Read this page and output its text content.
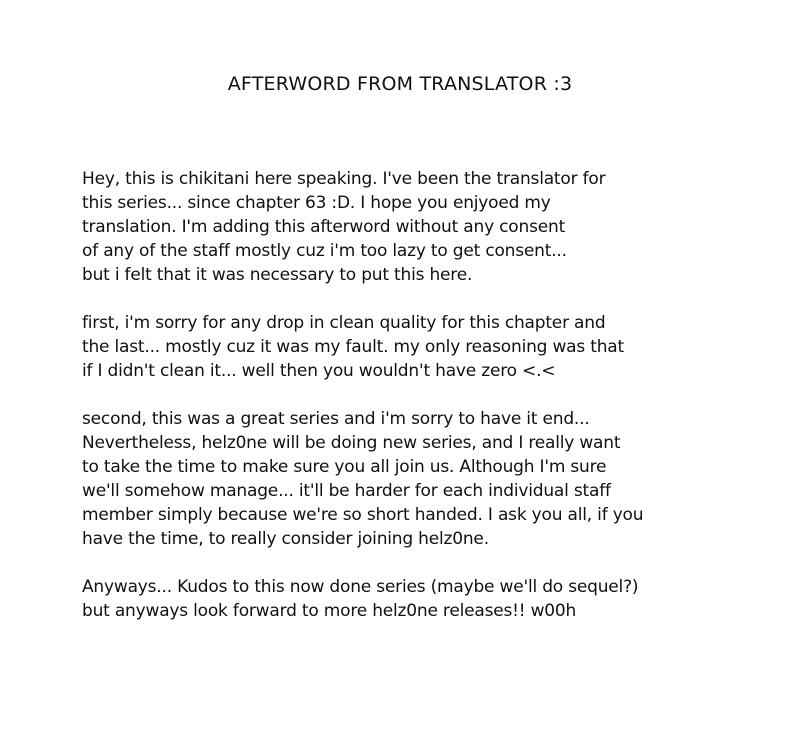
AFTERWORD FROM TRANSLATOR :3
Hey, this is chikitani here speaking. I've been the translator for
this series... since chapter 63 :D. I hope you enjyoed my
translation. I'm adding this afterword without any consent
of any of the staff mostly cuz i'm too lazy to get consent...
but i felt that it was necessary to put this here.
first, i'm sorry for any drop in clean quality for this chapter and
the last... mostly cuz it was my fault. my only reasoning was that
if I didn't clean it... well then you wouldn't have zero <.<
second, this was a great series and i'm sorry to have it end...
Nevertheless, helz0ne will be doing new series, and I really want
to take the time to make sure you all join us. Although I'm sure
we'll somehow manage... it'll be harder for each individual staff
member simply because we're so short handed. I ask you all, if you
have the time, to really consider joining helz0ne.
Anyways... Kudos to this now done series (maybe we'll do sequel?)
but anyways look forward to more helz0ne releases!! w00h
